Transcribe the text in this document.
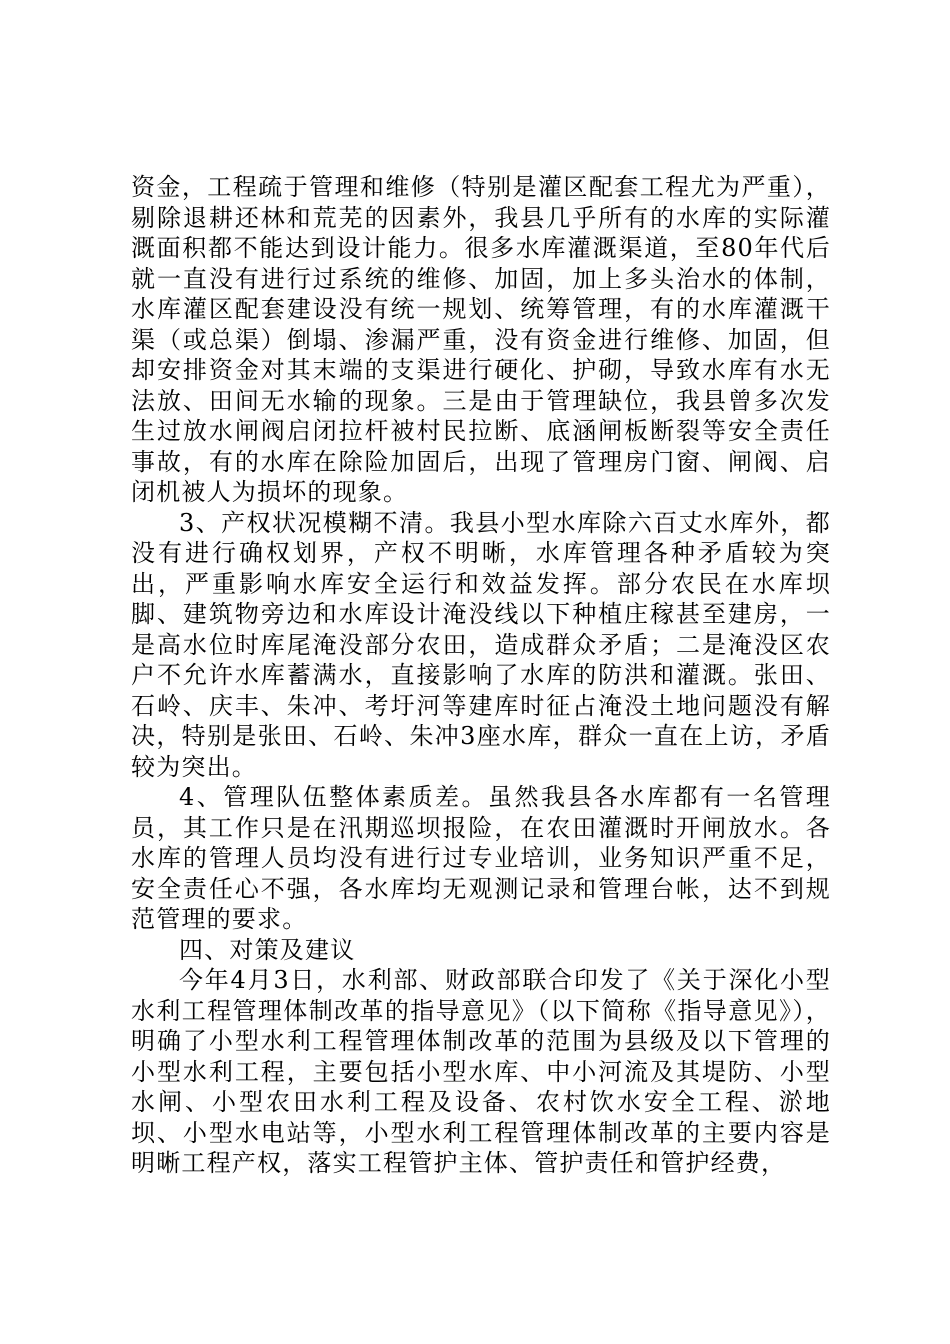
资金，工程疏于管理和维修（特别是灌区配套工程尤为严重），剔除退耕还林和荒芜的因素外，我县几乎所有的水库的实际灌溉面积都不能达到设计能力。很多水库灌溉渠道，至80年代后就一直没有进行过系统的维修、加固，加上多头治水的体制，水库灌区配套建设没有统一规划、统筹管理，有的水库灌溉干渠（或总渠）倒塌、渗漏严重，没有资金进行维修、加固，但却安排资金对其末端的支渠进行硬化、护砌，导致水库有水无法放、田间无水输的现象。三是由于管理缺位，我县曾多次发生过放水闸阀启闭拉杆被村民拉断、底涵闸板断裂等安全责任事故，有的水库在除险加固后，出现了管理房门窗、闸阀、启闭机被人为损坏的现象。

3、产权状况模糊不清。我县小型水库除六百丈水库外，都没有进行确权划界，产权不明晰，水库管理各种矛盾较为突出，严重影响水库安全运行和效益发挥。部分农民在水库坝脚、建筑物旁边和水库设计淹没线以下种植庄稼甚至建房，一是高水位时库尾淹没部分农田，造成群众矛盾；二是淹没区农户不允许水库蓄满水，直接影响了水库的防洪和灌溉。张田、石岭、庆丰、朱冲、考圩河等建库时征占淹没土地问题没有解决，特别是张田、石岭、朱冲3座水库，群众一直在上访，矛盾较为突出。

4、管理队伍整体素质差。虽然我县各水库都有一名管理员，其工作只是在汛期巡坝报险，在农田灌溉时开闸放水。各水库的管理人员均没有进行过专业培训，业务知识严重不足，安全责任心不强，各水库均无观测记录和管理台帐，达不到规范管理的要求。

四、对策及建议

今年4月3日，水利部、财政部联合印发了《关于深化小型水利工程管理体制改革的指导意见》（以下简称《指导意见》），明确了小型水利工程管理体制改革的范围为县级及以下管理的小型水利工程，主要包括小型水库、中小河流及其堤防、小型水闸、小型农田水利工程及设备、农村饮水安全工程、淤地坝、小型水电站等，小型水利工程管理体制改革的主要内容是明晰工程产权，落实工程管护主体、管护责任和管护经费，
